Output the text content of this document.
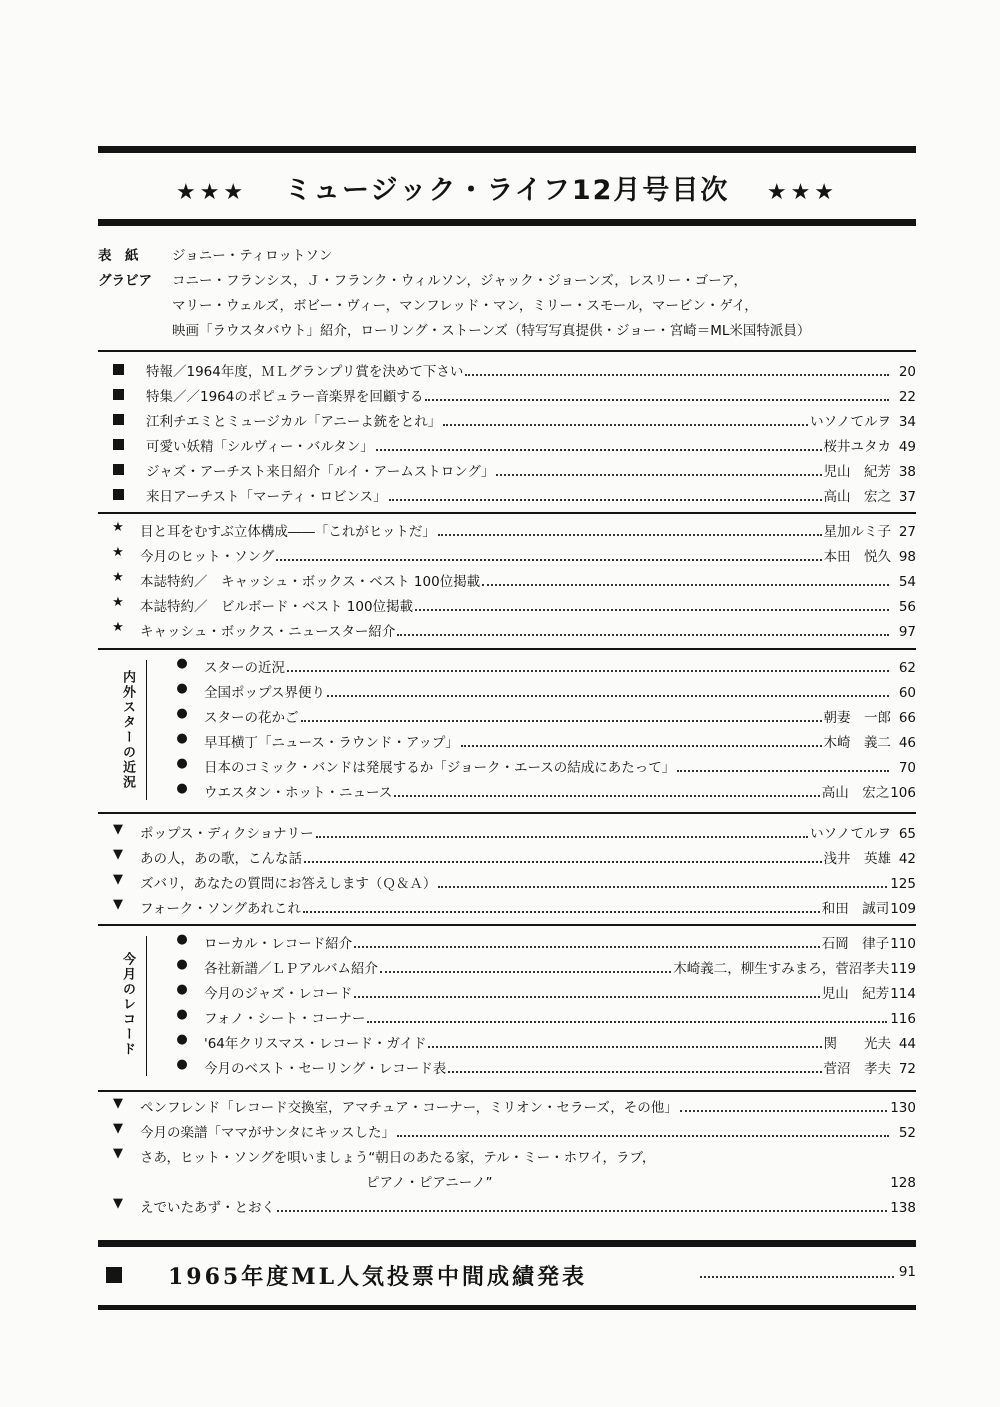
★★★ ミュージック・ライフ12月号目次 ★★★
表　紙	ジョニー・ティロットソン
グラビア	コニー・フランシス，Ｊ・フランク・ウィルソン，ジャック・ジョーンズ，レスリー・ゴーア，
マリー・ウェルズ，ボビー・ヴィー，マンフレッド・マン，ミリー・スモール，マービン・ゲイ，
映画「ラウスタバウト」紹介，ローリング・ストーンズ（特写写真提供・ジョー・宮崎＝ML米国特派員）
特報／1964年度，ＭＬグランプリ賞を決めて下さい	20
特集／／1964のポピュラー音楽界を回顧する	22
江利チエミとミュージカル「アニーよ銃をとれ」	いソノてルヲ 34
可愛い妖精「シルヴィー・バルタン」	桜井ユタカ 49
ジャズ・アーチスト来日紹介「ルイ・アームストロング」	児山　紀芳 38
来日アーチスト「マーティ・ロビンス」	高山　宏之 37
★	目と耳をむすぶ立体構成――「これがヒットだ」	星加ルミ子 27
★	今月のヒット・ソング	本田　悦久 98
★	本誌特約／　キャッシュ・ボックス・ベスト 100位掲載	54
★	本誌特約／　ビルボード・ベスト 100位掲載	56
★	キャッシュ・ボックス・ニュースター紹介	97
内外スターの近況
●	スターの近況	62
●	全国ポップス界便り	60
●	スターの花かご	朝妻　一郎 66
●	早耳横丁「ニュース・ラウンド・アップ」	木崎　義二 46
●	日本のコミック・バンドは発展するか「ジョーク・エースの結成にあたって」	70
●	ウエスタン・ホット・ニュース	高山　宏之 106
▼	ポップス・ディクショナリー	いソノてルヲ 65
▼	あの人，あの歌，こんな話	浅井　英雄 42
▼	ズバリ，あなたの質問にお答えします（Ｑ＆Ａ）	125
▼	フォーク・ソングあれこれ	和田　誠司 109
今月のレコード
●	ローカル・レコード紹介	石岡　律子 110
●	各社新譜／ＬＰアルバム紹介	木崎義二，柳生すみまろ，菅沼孝夫 119
●	今月のジャズ・レコード	児山　紀芳 114
●	フォノ・シート・コーナー	116
●	'64年クリスマス・レコード・ガイド	関　　光夫 44
●	今月のベスト・セーリング・レコード表	菅沼　孝夫 72
▼	ペンフレンド「レコード交換室，アマチュア・コーナー，ミリオン・セラーズ，その他」	130
▼	今月の楽譜「ママがサンタにキッスした」	52
▼	さあ，ヒット・ソングを唄いましょう“朝日のあたる家，テル・ミー・ホワイ，ラブ，
ピアノ・ピアニーノ”	128
▼	えでいたあず・とおく	138
1965年度ML人気投票中間成績発表	91
